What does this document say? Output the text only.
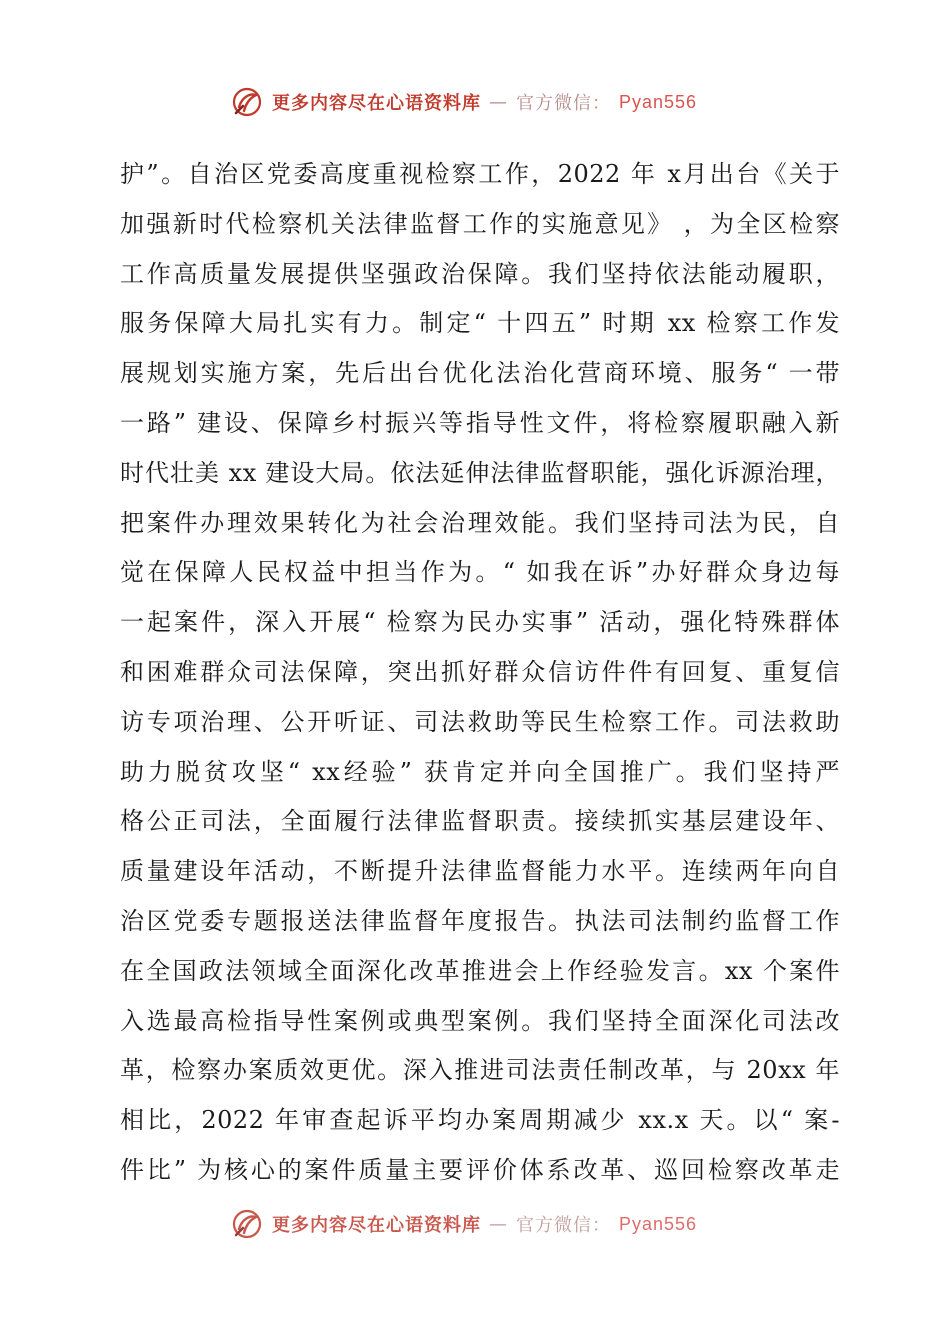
更多内容尽在心语资料库 — 官方微信： Pyan556
护”。自治区党委高度重视检察工作，2022 年 x月出台《关于
加强新时代检察机关法律监督工作的实施意见》 ，为全区检察
工作高质量发展提供坚强政治保障。我们坚持依法能动履职，
服务保障大局扎实有力。制定“ 十四五” 时期 xx 检察工作发
展规划实施方案，先后出台优化法治化营商环境、服务“ 一带
一路” 建设、保障乡村振兴等指导性文件，将检察履职融入新
时代壮美 xx 建设大局。依法延伸法律监督职能，强化诉源治理，
把案件办理效果转化为社会治理效能。我们坚持司法为民，自
觉在保障人民权益中担当作为。“ 如我在诉”办好群众身边每
一起案件，深入开展“ 检察为民办实事” 活动，强化特殊群体
和困难群众司法保障，突出抓好群众信访件件有回复、重复信
访专项治理、公开听证、司法救助等民生检察工作。司法救助
助力脱贫攻坚“ xx经验” 获肯定并向全国推广。我们坚持严
格公正司法，全面履行法律监督职责。接续抓实基层建设年、
质量建设年活动，不断提升法律监督能力水平。连续两年向自
治区党委专题报送法律监督年度报告。执法司法制约监督工作
在全国政法领域全面深化改革推进会上作经验发言。xx 个案件
入选最高检指导性案例或典型案例。我们坚持全面深化司法改
革，检察办案质效更优。深入推进司法责任制改革，与 20xx 年
相比，2022 年审查起诉平均办案周期减少 xx.x 天。以“ 案-
件比” 为核心的案件质量主要评价体系改革、巡回检察改革走
更多内容尽在心语资料库 — 官方微信： Pyan556
